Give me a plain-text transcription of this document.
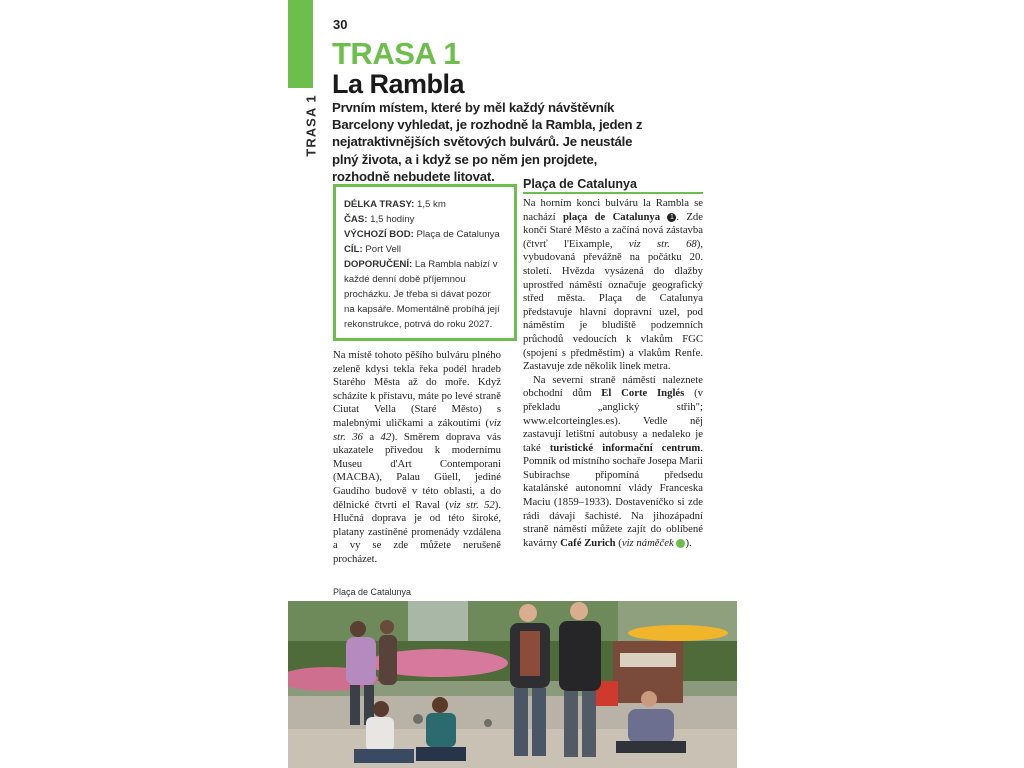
TRASA 1
30
TRASA 1
La Rambla
Prvním místem, které by měl každý návštěvník Barcelony vyhledat, je rozhodně la Rambla, jeden z nejatraktivnějších světových bulvárů. Je neustále plný života, a i když se po něm jen projdete, rozhodně nebudete litovat.
DÉLKA TRASY: 1,5 km
ČAS: 1,5 hodiny
VÝCHOZÍ BOD: Plaça de Catalunya
CÍL: Port Vell
DOPORUČENÍ: La Rambla nabízí v každé denní době příjemnou procházku. Je třeba si dávat pozor na kapsáře. Momentálně probíhá její rekonstrukce, potrvá do roku 2027.

Na místě tohoto pěšího bulváru plného zeleně kdysi tekla řeka podél hradeb Starého Města až do moře. Když scházíte k přístavu, máte po levé straně Ciutat Vella (Staré Město) s malebnými uličkami a zákoutími (viz str. 36 a 42). Směrem doprava vás ukazatele přivedou k modernímu Museu d'Art Contemporani (MACBA), Palau Güell, jediné Gaudího budově v této oblasti, a do dělnické čtvrti el Raval (viz str. 52). Hlučná doprava je od této široké, platany zastíněné promenády vzdálena a vy se zde můžete nerušeně procházet.

Plaça de Catalunya

Na horním konci bulváru la Rambla se nachází plaça de Catalunya 1 . Zde končí Staré Město a začíná nová zástavba (čtvrť l'Eixample, viz str. 68), vybudovaná převážně na počátku 20. století. Hvězda vysázená do dlažby uprostřed náměstí označuje geografický střed města. Plaça de Catalunya představuje hlavní dopravní uzel, pod náměstím je bludiště podzemních průchodů vedoucích k vlakům FGC (spojení s předměstím) a vlakům Renfe. Zastavuje zde několik linek metra.

Na severní straně náměstí naleznete obchodní dům El Corte Inglés (v překladu „anglický střih"; www.elcorteingles.es). Vedle něj zastavují letištní autobusy a nedaleko je také turistické informační centrum. Pomník od místního sochaře Josepa Marii Subirachse připomíná předsedu katalánské autonomní vlády Franceska Maciu (1859–1933). Dostaveníčko si zde rádi dávají šachisté. Na jihozápadní straně náměstí můžete zajít do oblíbené kavárny Café Zurich (viz náměček ).

Plaça de Catalunya
